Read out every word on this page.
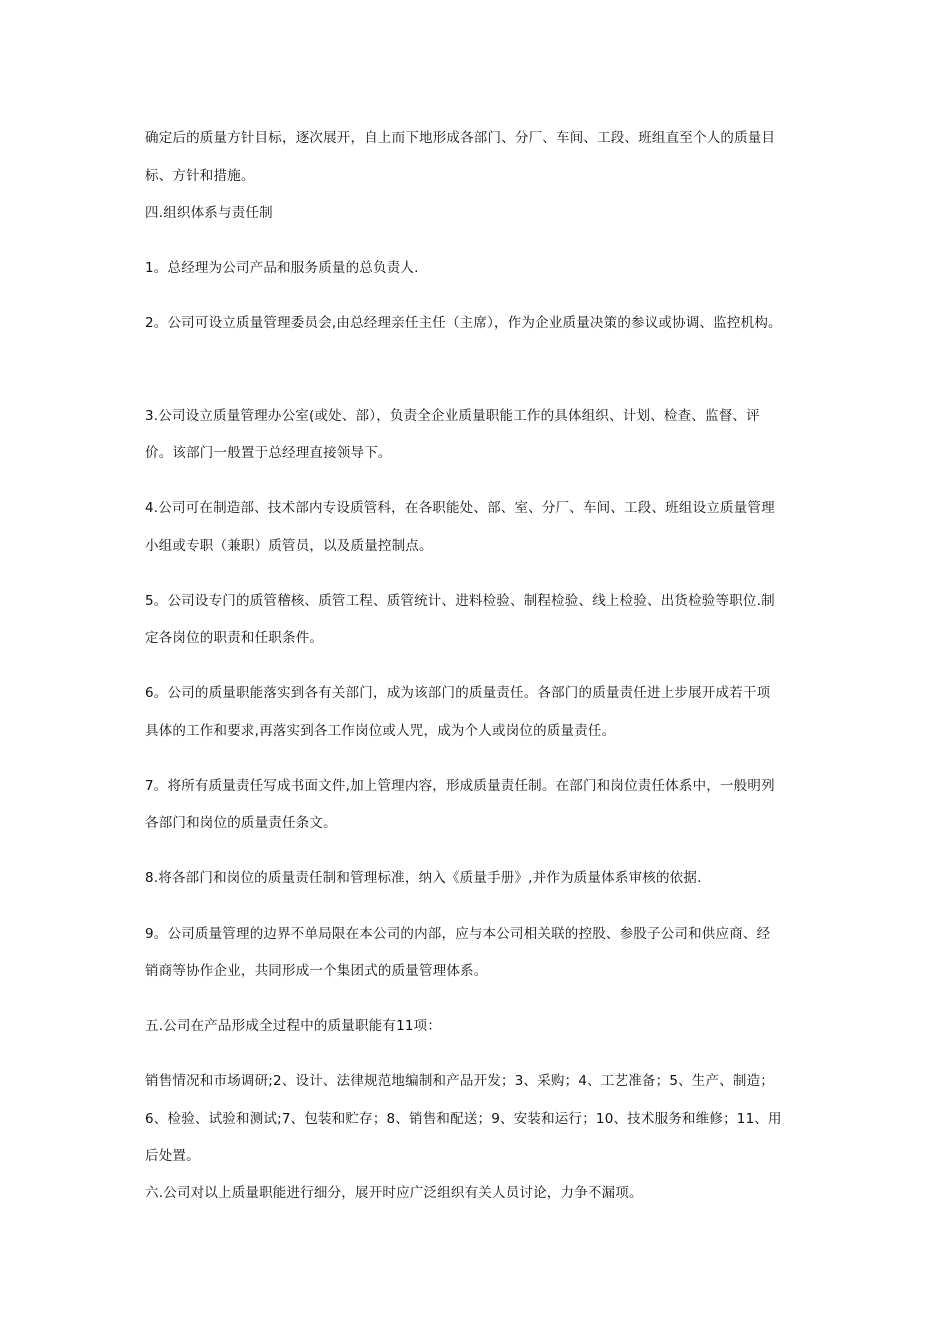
确定后的质量方针目标，逐次展开，自上而下地形成各部门、分厂、车间、工段、班组直至个人的质量目
标、方针和措施。
四.组织体系与责任制
1。总经理为公司产品和服务质量的总负责人.
2。公司可设立质量管理委员会,由总经理亲任主任（主席），作为企业质量决策的参议或协调、监控机构。
3.公司设立质量管理办公室(或处、部），负责全企业质量职能工作的具体组织、计划、检查、监督、评
价。该部门一般置于总经理直接领导下。
4.公司可在制造部、技术部内专设质管科，在各职能处、部、室、分厂、车间、工段、班组设立质量管理
小组或专职（兼职）质管员，以及质量控制点。
5。公司设专门的质管稽核、质管工程、质管统计、进料检验、制程检验、线上检验、出货检验等职位.制
定各岗位的职责和任职条件。
6。公司的质量职能落实到各有关部门，成为该部门的质量责任。各部门的质量责任进上步展开成若干项
具体的工作和要求,再落实到各工作岗位或人咒，成为个人或岗位的质量责任。
7。将所有质量责任写成书面文件,加上管理内容，形成质量责任制。在部门和岗位责任体系中，一般明列
各部门和岗位的质量责任条文。
8.将各部门和岗位的质量责任制和管理标准，纳入《质量手册》,并作为质量体系审核的依据.
9。公司质量管理的边界不单局限在本公司的内部，应与本公司相关联的控股、参股子公司和供应商、经
销商等协作企业，共同形成一个集团式的质量管理体系。
五.公司在产品形成全过程中的质量职能有11项：
销售情况和市场调研;2、设计、法律规范地编制和产品开发；3、采购；4、工艺准备；5、生产、制造；
6、检验、试验和测试;7、包装和贮存；8、销售和配送；9、安装和运行；10、技术服务和维修；11、用
后处置。
六.公司对以上质量职能进行细分，展开时应广泛组织有关人员讨论，力争不漏项。
